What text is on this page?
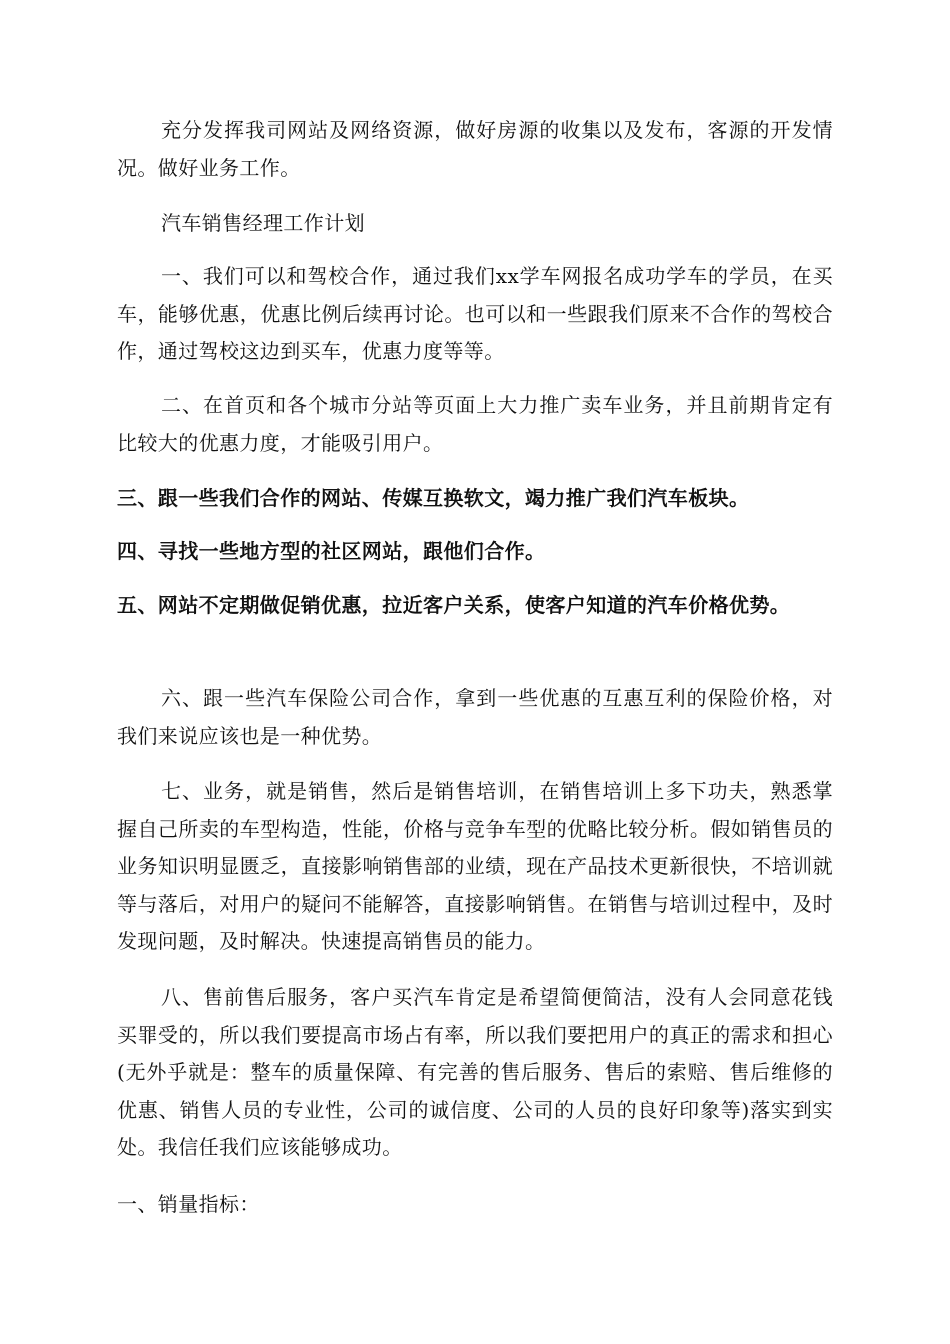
充分发挥我司网站及网络资源，做好房源的收集以及发布，客源的开发情况。做好业务工作。

汽车销售经理工作计划

一、我们可以和驾校合作，通过我们xx学车网报名成功学车的学员，在买车，能够优惠，优惠比例后续再讨论。也可以和一些跟我们原来不合作的驾校合作，通过驾校这边到买车，优惠力度等等。

二、在首页和各个城市分站等页面上大力推广卖车业务，并且前期肯定有比较大的优惠力度，才能吸引用户。

三、跟一些我们合作的网站、传媒互换软文，竭力推广我们汽车板块。

四、寻找一些地方型的社区网站，跟他们合作。

五、网站不定期做促销优惠，拉近客户关系，使客户知道的汽车价格优势。

六、跟一些汽车保险公司合作，拿到一些优惠的互惠互利的保险价格，对我们来说应该也是一种优势。

七、业务，就是销售，然后是销售培训，在销售培训上多下功夫，熟悉掌握自己所卖的车型构造，性能，价格与竞争车型的优略比较分析。假如销售员的业务知识明显匮乏，直接影响销售部的业绩，现在产品技术更新很快，不培训就等与落后，对用户的疑问不能解答，直接影响销售。在销售与培训过程中，及时发现问题，及时解决。快速提高销售员的能力。

八、售前售后服务，客户买汽车肯定是希望简便简洁，没有人会同意花钱买罪受的，所以我们要提高市场占有率，所以我们要把用户的真正的需求和担心(无外乎就是：整车的质量保障、有完善的售后服务、售后的索赔、售后维修的优惠、销售人员的专业性，公司的诚信度、公司的人员的良好印象等)落实到实处。我信任我们应该能够成功。

一、销量指标：
